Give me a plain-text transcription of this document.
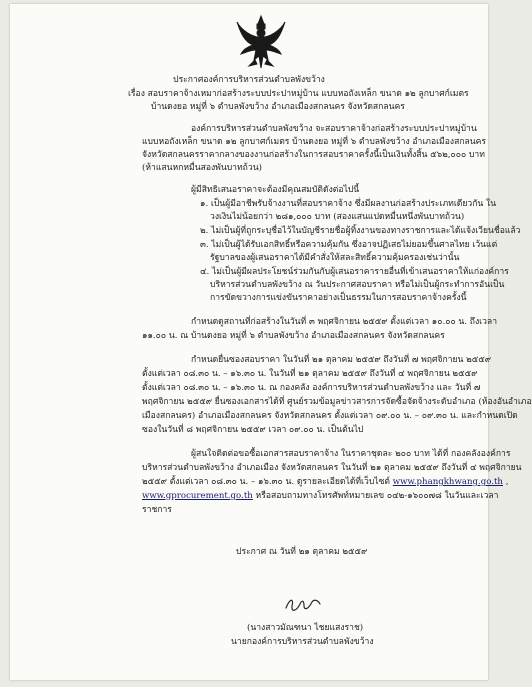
ประกาศองค์การบริหารส่วนตำบลพังขว้าง
เรื่อง สอบราคาจ้างเหมาก่อสร้างระบบประปาหมู่บ้าน แบบหอถังเหล็ก ขนาด ๑๒ ลูกบาศก์เมตร
บ้านดงยอ หมู่ที่ ๖ ตำบลพังขว้าง อำเภอเมืองสกลนคร จังหวัดสกลนคร
องค์การบริหารส่วนตำบลพังขว้าง จะสอบราคาจ้างก่อสร้างระบบประปาหมู่บ้าน
แบบหอถังเหล็ก ขนาด ๑๒ ลูกบาศก์เมตร บ้านดงยอ หมู่ที่ ๖ ตำบลพังขว้าง อำเภอเมืองสกลนคร
จังหวัดสกลนครราคากลางของงานก่อสร้างในการสอบราคาครั้งนี้เป็นเงินทั้งสิ้น ๕๖๒,๐๐๐ บาท
(ห้าแสนหกหมื่นสองพันบาทถ้วน)
ผู้มีสิทธิเสนอราคาจะต้องมีคุณสมบัติดังต่อไปนี้
๑. เป็นผู้มีอาชีพรับจ้างงานที่สอบราคาจ้าง ซึ่งมีผลงานก่อสร้างประเภทเดียวกัน ใน
วงเงินไม่น้อยกว่า ๒๘๑,๐๐๐ บาท (สองแสนแปดหมื่นหนึ่งพันบาทถ้วน)
๒. ไม่เป็นผู้ที่ถูกระบุชื่อไว้ในบัญชีรายชื่อผู้ทิ้งงานของทางราชการและได้แจ้งเวียนชื่อแล้ว
๓. ไม่เป็นผู้ได้รับเอกสิทธิ์หรือความคุ้มกัน ซึ่งอาจปฏิเสธไม่ยอมขึ้นศาลไทย เว้นแต่
รัฐบาลของผู้เสนอราคาได้มีคำสั่งให้สละสิทธิ์ความคุ้มครองเช่นว่านั้น
๔. ไม่เป็นผู้มีผลประโยชน์ร่วมกันกับผู้เสนอราคารายอื่นที่เข้าเสนอราคาให้แก่องค์การ
บริหารส่วนตำบลพังขว้าง ณ วันประกาศสอบราคา หรือไม่เป็นผู้กระทำการอันเป็น
การขัดขวางการแข่งขันราคาอย่างเป็นธรรมในการสอบราคาจ้างครั้งนี้
กำหนดดูสถานที่ก่อสร้างในวันที่ ๓ พฤศจิกายน ๒๕๕๙ ตั้งแต่เวลา ๑๐.๐๐ น. ถึงเวลา
๑๑.๐๐ น. ณ บ้านดงยอ หมู่ที่ ๖ ตำบลพังขว้าง อำเภอเมืองสกลนคร จังหวัดสกลนคร
กำหนดยื่นซองสอบราคา ในวันที่ ๒๑ ตุลาคม ๒๕๕๙ ถึงวันที่ ๗ พฤศจิกายน ๒๕๕๙
ตั้งแต่เวลา ๐๘.๓๐ น. – ๑๖.๓๐ น. ในวันที่ ๒๑ ตุลาคม ๒๕๕๙ ถึงวันที่ ๔ พฤศจิกายน ๒๕๕๙
ตั้งแต่เวลา ๐๘.๓๐ น. – ๑๖.๓๐ น. ณ กองคลัง องค์การบริหารส่วนตำบลพังขว้าง และ วันที่ ๗
พฤศจิกายน ๒๕๕๙ ยื่นซองเอกสารได้ที่ ศูนย์รวมข้อมูลข่าวสารการจัดซื้อจัดจ้างระดับอำเภอ (ห้องอันอำเภอ
เมืองสกลนคร) อำเภอเมืองสกลนคร จังหวัดสกลนคร ตั้งแต่เวลา ๐๙.๐๐ น. – ๐๙.๓๐ น. และกำหนดเปิด
ซองในวันที่ ๘ พฤศจิกายน ๒๕๕๙ เวลา ๐๙.๐๐ น. เป็นต้นไป
ผู้สนใจติดต่อขอซื้อเอกสารสอบราคาจ้าง ในราคาชุดละ ๒๐๐ บาท ได้ที่ กองคลังองค์การ
บริหารส่วนตำบลพังขว้าง อำเภอเมือง จังหวัดสกลนคร ในวันที่ ๒๑ ตุลาคม ๒๕๕๙ ถึงวันที่ ๔ พฤศจิกายน
๒๕๕๙ ตั้งแต่เวลา ๐๘.๓๐ น. – ๑๖.๓๐ น. ดูรายละเอียดได้ที่เว็บไซต์ www.phangkhwang.go.th ,
www.gprocurement.go.th หรือสอบถามทางโทรศัพท์หมายเลข ๐๔๒-๑๖๐๐๗๘ ในวันและเวลา
ราชการ
ประกาศ ณ วันที่ ๒๑ ตุลาคม ๒๕๕๙
(นางสาวมัณฑนา ไชยแสงราช)
นายกองค์การบริหารส่วนตำบลพังขว้าง
